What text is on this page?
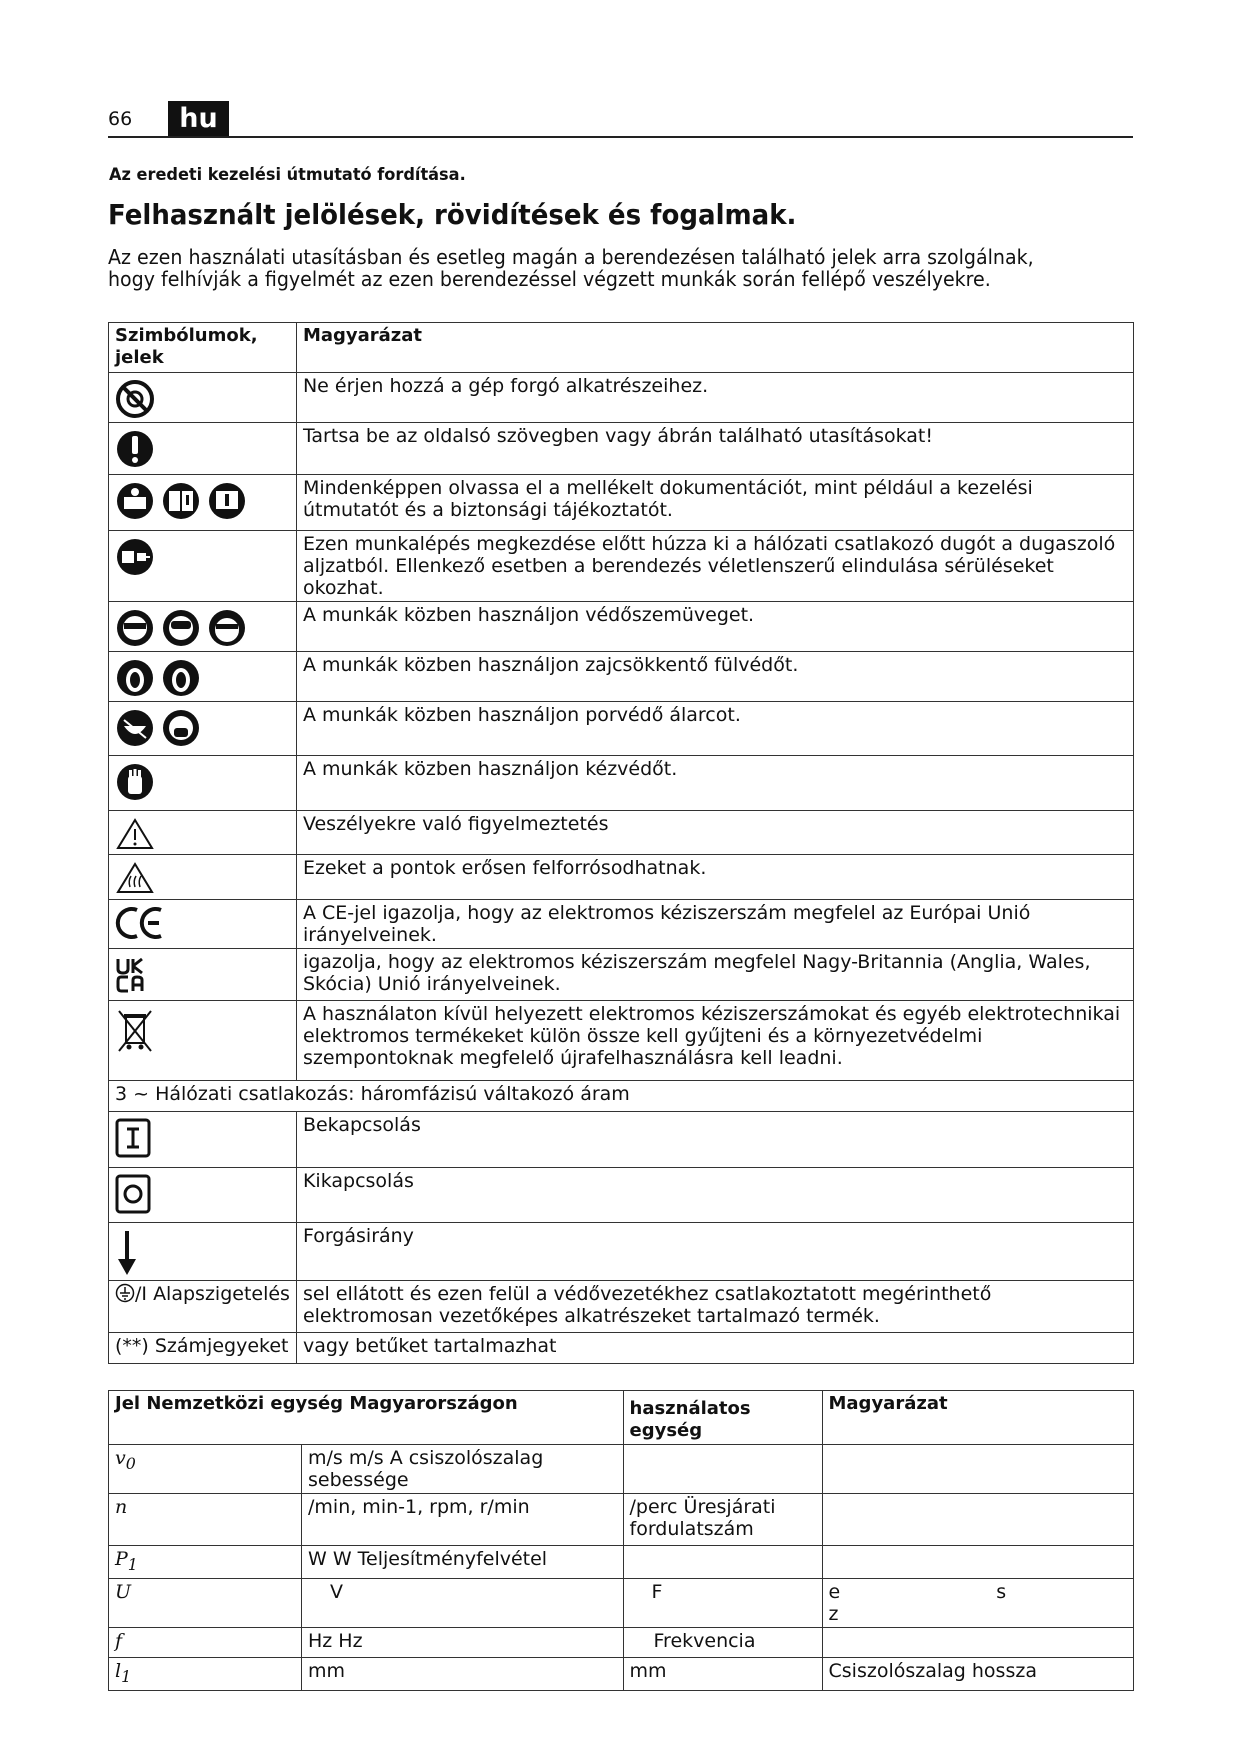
66	hu
Az eredeti kezelési útmutató fordítása.
Felhasznált jelölések, rövidítések és fogalmak.
Az ezen használati utasításban és esetleg magán a berendezésen található jelek arra szolgálnak, hogy felhívják a figyelmét az ezen berendezéssel végzett munkák során fellépő veszélyekre.
Szimbólumok, jelek	Magyarázat

	Ne érjen hozzá a gép forgó alkatrészeihez.

	Tartsa be az oldalsó szövegben vagy ábrán található utasításokat!

	Mindenképpen olvassa el a mellékelt dokumentációt, mint például a kezelési útmutatót és a biztonsági tájékoztatót.

	Ezen munkalépés megkezdése előtt húzza ki a hálózati csatlakozó dugót a dugaszoló aljzatból. Ellenkező esetben a berendezés véletlenszerű elindulása sérüléseket okozhat.

	A munkák közben használjon védőszemüveget.

	A munkák közben használjon zajcsökkentő fülvédőt.

	A munkák közben használjon porvédő álarcot.

	A munkák közben használjon kézvédőt.

	Veszélyekre való figyelmeztetés

	Ezeket a pontok erősen felforrósodhatnak.

	A CE-jel igazolja, hogy az elektromos kéziszerszám megfelel az Európai Unió irányelveinek.

	igazolja, hogy az elektromos kéziszerszám megfelel Nagy-Britannia (Anglia, Wales, Skócia) Unió irányelveinek.

	A használaton kívül helyezett elektromos kéziszerszámokat és egyéb elektrotechnikai elektromos termékeket külön össze kell gyűjteni és a környezetvédelmi szempontoknak megfelelő újrafelhasználásra kell leadni.
3 ~ Hálózati csatlakozás: háromfázisú váltakozó áram	

	Bekapcsolás

	Kikapcsolás

	Forgásirány
/I Alapszigetelés	sel ellátott és ezen felül a védővezetékhez csatlakoztatott megérinthető elektromosan vezetőképes alkatrészeket tartalmazó termék.
(**) Számjegyeket	vagy betűket tartalmazhat
Jel Nemzetközi egység Magyarországon		használatos egység	Magyarázat
$v_0$	m/s m/s A csiszolószalag sebessége		
n	/min, min-1, rpm, r/min	/perc Üresjárati fordulatszám	
$P_1$	W W Teljesítményfelvétel		
U	V	F	e s z
f	Hz Hz	Frekvencia	
$l_1$	mm	mm	Csiszolószalag hossza
